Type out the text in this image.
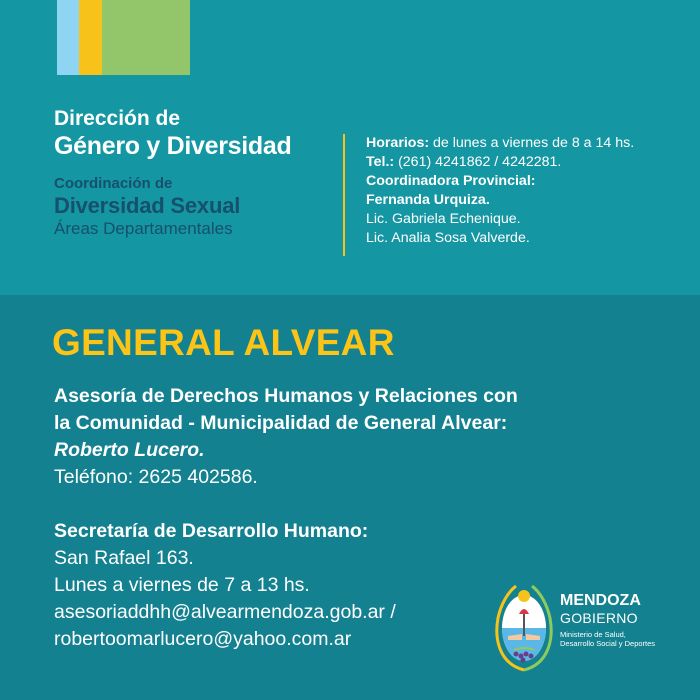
Dirección de
Género y Diversidad
Coordinación de
Diversidad Sexual
Áreas Departamentales
Horarios: de lunes a viernes de 8 a 14 hs.
Tel.: (261) 4241862 / 4242281.
Coordinadora Provincial:
Fernanda Urquiza.
Lic. Gabriela Echenique.
Lic. Analia Sosa Valverde.
GENERAL ALVEAR
Asesoría de Derechos Humanos y Relaciones con
la Comunidad - Municipalidad de General Alvear:
Roberto Lucero.
Teléfono: 2625 402586.
Secretaría de Desarrollo Humano:
San Rafael 163.
Lunes a viernes de 7 a 13 hs.
asesoriaddhh@alvearmendoza.gob.ar /
robertoomarlucero@yahoo.com.ar
MENDOZA
GOBIERNO
Ministerio de Salud,
Desarrollo Social y Deportes
